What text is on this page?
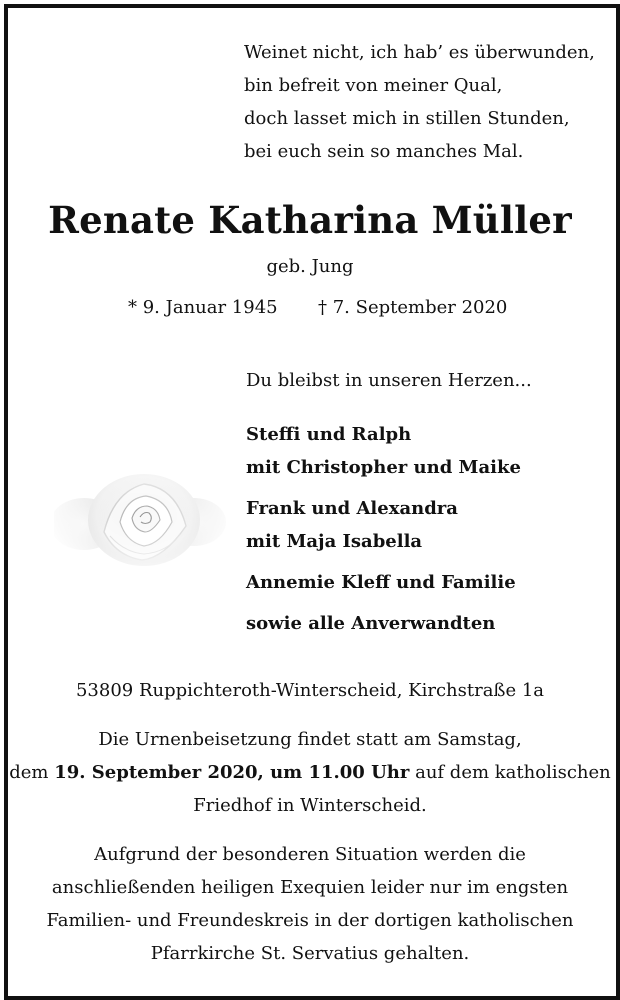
Weinet nicht, ich hab’ es überwunden,
bin befreit von meiner Qual,
doch lasset mich in stillen Stunden,
bei euch sein so manches Mal.
Renate Katharina Müller
geb. Jung
* 9. Januar 1945 † 7. September 2020
Du bleibst in unseren Herzen...
Steffi und Ralph
mit Christopher und Maike
Frank und Alexandra
mit Maja Isabella
Annemie Kleff und Familie
sowie alle Anverwandten
53809 Ruppichteroth-Winterscheid, Kirchstraße 1a
Die Urnenbeisetzung findet statt am Samstag,
dem 19. September 2020, um 11.00 Uhr auf dem katholischen
Friedhof in Winterscheid.
Aufgrund der besonderen Situation werden die
anschließenden heiligen Exequien leider nur im engsten
Familien- und Freundeskreis in der dortigen katholischen
Pfarrkirche St. Servatius gehalten.
